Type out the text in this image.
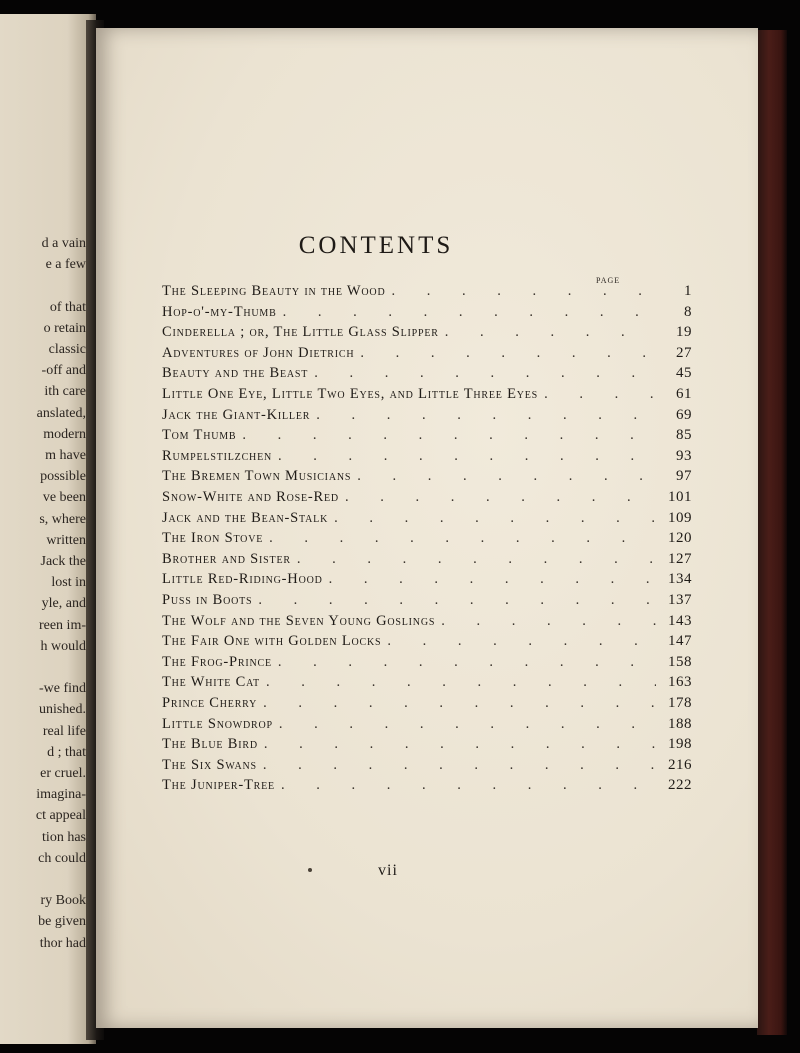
d a vain
e a few
of that
o retain
classic
-off and
ith care
anslated,
modern
m have
possible
ve been
s, where
written
Jack the
lost in
yle, and
reen im-
h would
-we find
unished.
real life
d ; that
er cruel.
imagina-
ct appeal
tion has
ch could
ry Book
be given
thor had
CONTENTS
PAGE
The Sleeping Beauty in the Wood . . .	1
Hop-o'-my-Thumb . . .	8
Cinderella ; or, The Little Glass Slipper . . .	19
Adventures of John Dietrich . . .	27
Beauty and the Beast . . .	45
Little One Eye, Little Two Eyes, and Little Three Eyes . . .	61
Jack the Giant-Killer . . .	69
Tom Thumb . . .	85
Rumpelstilzchen . . .	93
The Bremen Town Musicians . . .	97
Snow-White and Rose-Red . . .	101
Jack and the Bean-Stalk . . .	109
The Iron Stove . . .	120
Brother and Sister . . .	127
Little Red-Riding-Hood . . .	134
Puss in Boots . . .	137
The Wolf and the Seven Young Goslings . . .	143
The Fair One with Golden Locks . . .	147
The Frog-Prince . . .	158
The White Cat . . .	163
Prince Cherry . . .	178
Little Snowdrop . . .	188
The Blue Bird . . .	198
The Six Swans . . .	216
The Juniper-Tree . . .	222
vii
